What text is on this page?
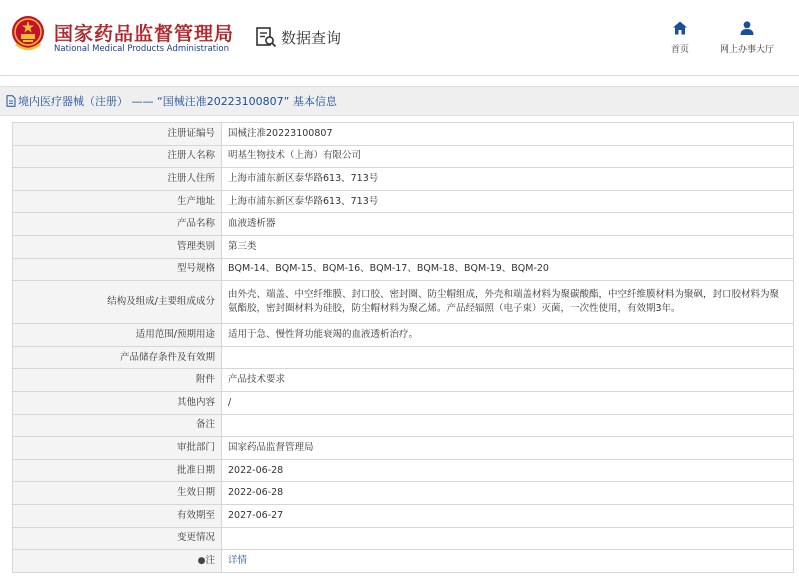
国家药品监督管理局
National Medical Products Administration
数据查询
首页	网上办事大厅
境内医疗器械（注册） —— “国械注准20223100807” 基本信息
注册证编号	国械注准20223100807
注册人名称	明基生物技术（上海）有限公司
注册人住所	上海市浦东新区泰华路613、713号
生产地址	上海市浦东新区泰华路613、713号
产品名称	血液透析器
管理类别	第三类
型号规格	BQM-14、BQM-15、BQM-16、BQM-17、BQM-18、BQM-19、BQM-20
结构及组成/主要组成成分	由外壳、端盖、中空纤维膜、封口胶、密封圈、防尘帽组成，外壳和端盖材料为聚碳酸酯，中空纤维膜材料为聚砜，封口胶材料为聚氨酯胶，密封圈材料为硅胶，防尘帽材料为聚乙烯。产品经辐照（电子束）灭菌，一次性使用，有效期3年。
适用范围/预期用途	适用于急、慢性肾功能衰竭的血液透析治疗。
产品储存条件及有效期	
附件	产品技术要求
其他内容	/
备注	
审批部门	国家药品监督管理局
批准日期	2022-06-28
生效日期	2022-06-28
有效期至	2027-06-27
变更情况	
●注	详情
